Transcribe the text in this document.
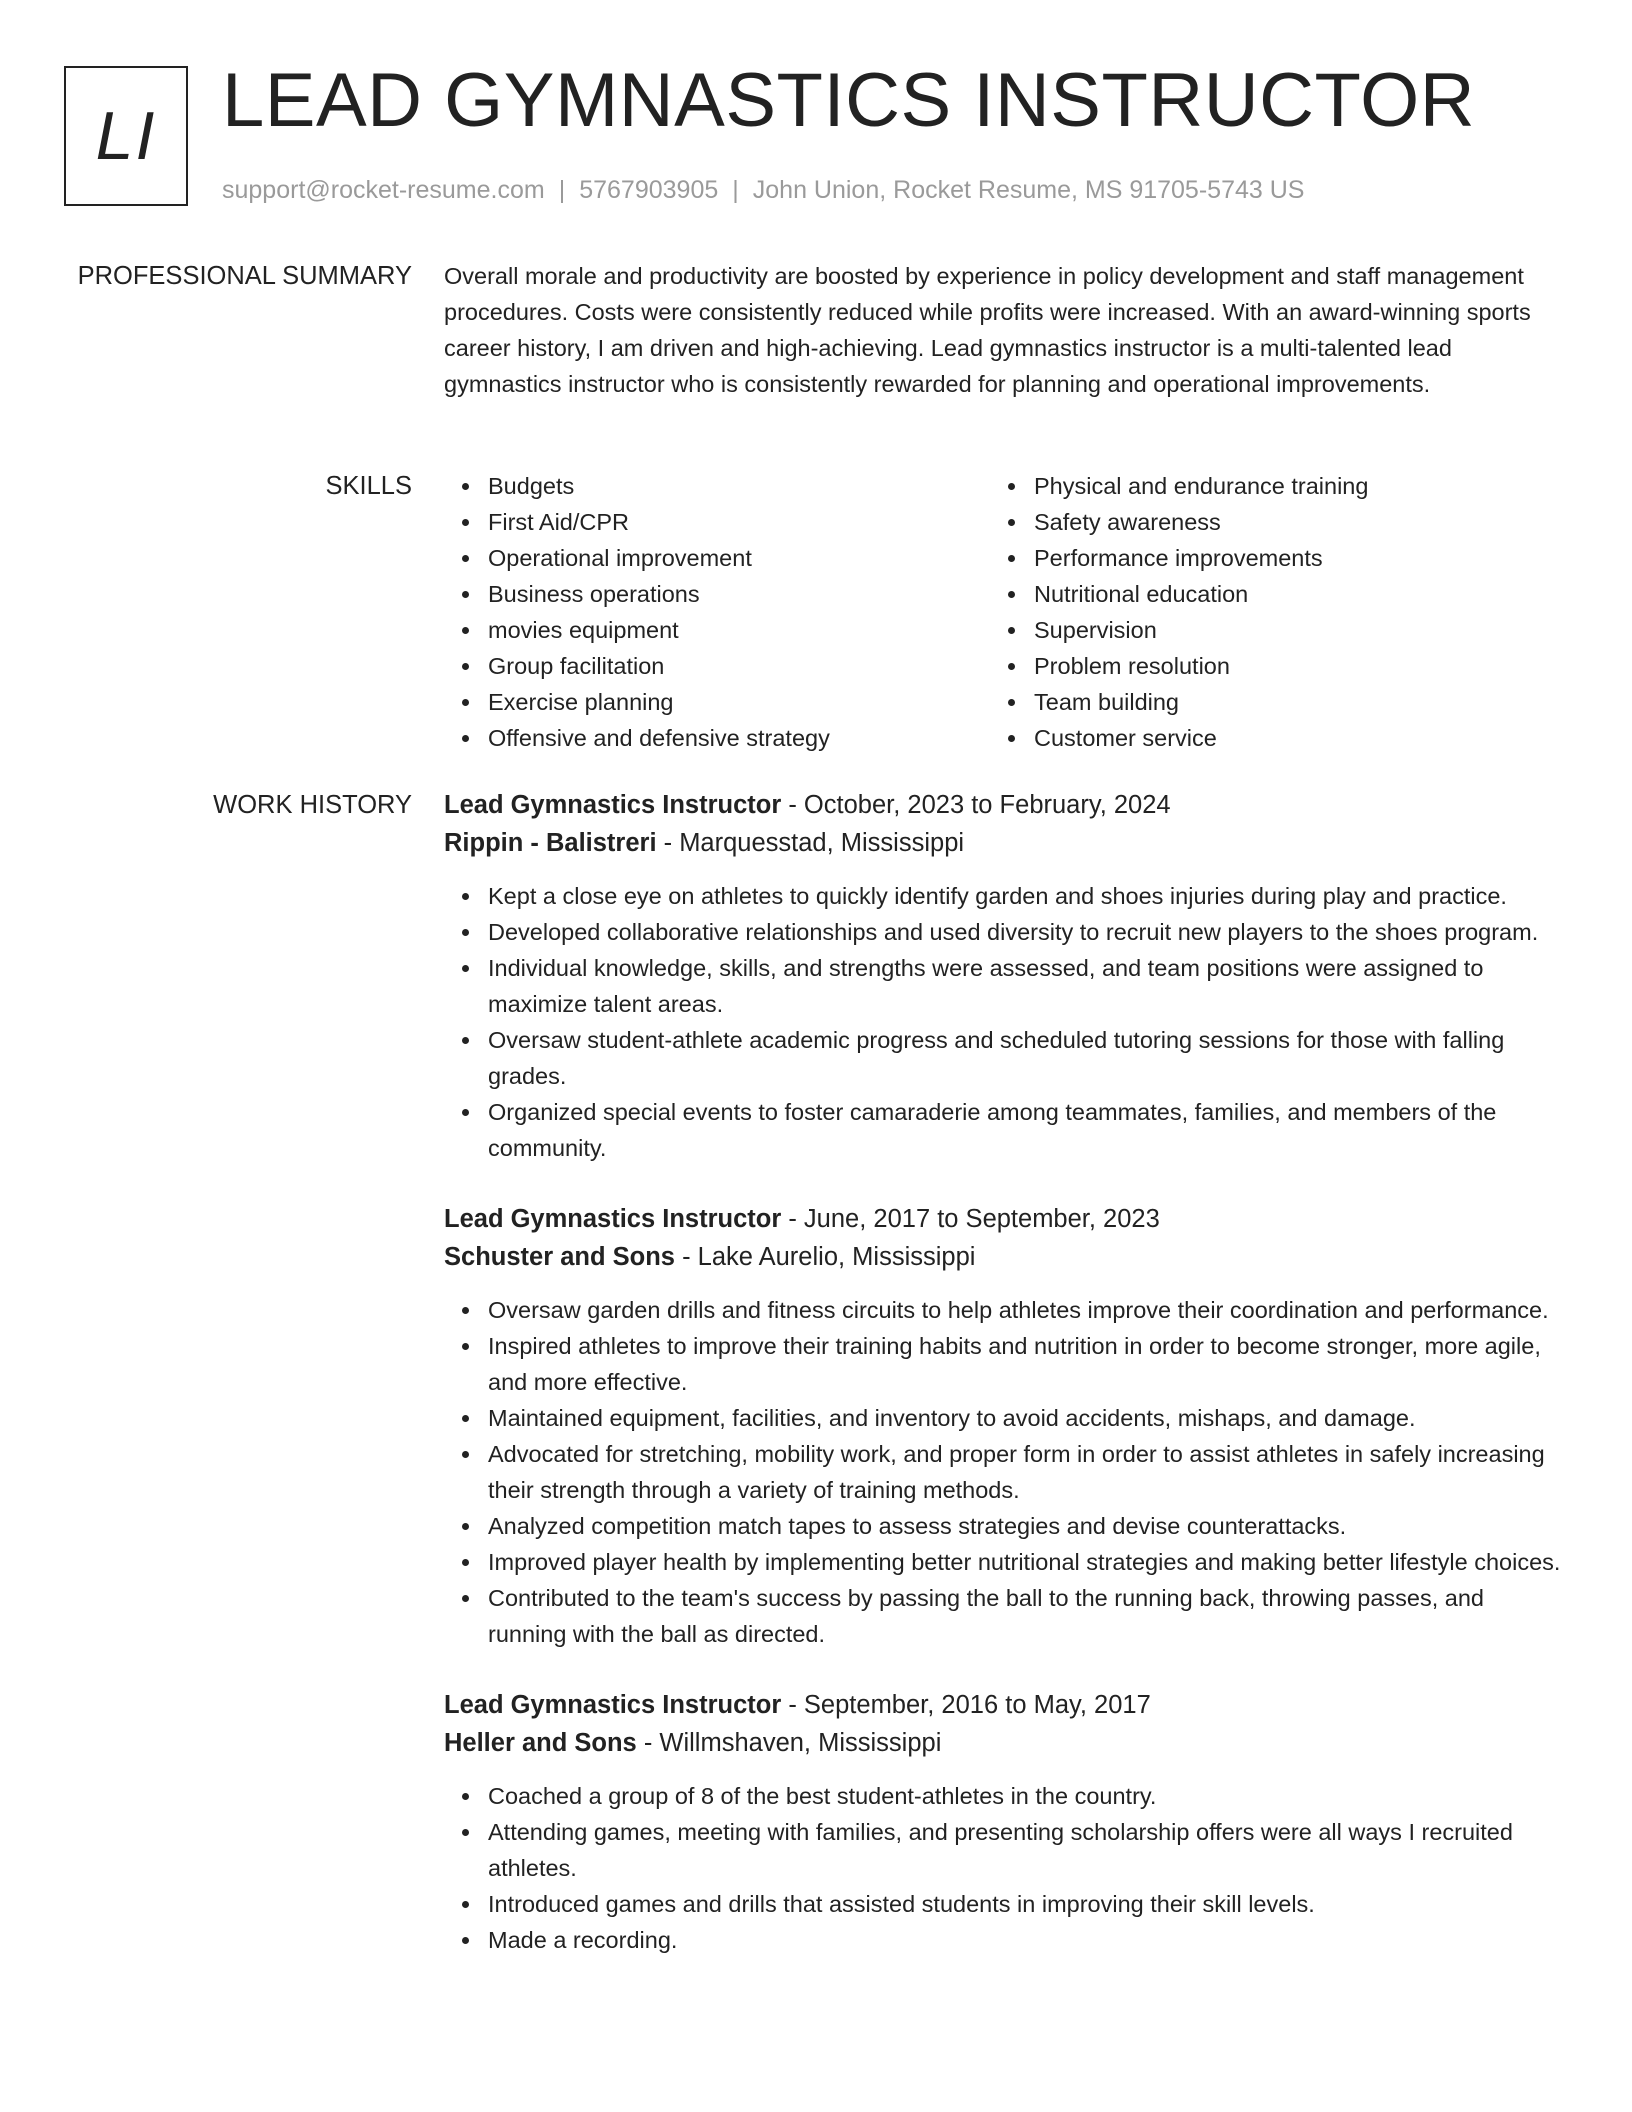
LI LEAD GYMNASTICS INSTRUCTOR
support@rocket-resume.com | 5767903905 | John Union, Rocket Resume, MS 91705-5743 US
PROFESSIONAL SUMMARY Overall morale and productivity are boosted by experience in policy development and staff management procedures. Costs were consistently reduced while profits were increased. With an award-winning sports career history, I am driven and high-achieving. Lead gymnastics instructor is a multi-talented lead gymnastics instructor who is consistently rewarded for planning and operational improvements.

SKILLS	Budgets
First Aid/CPR
Operational improvement
Business operations
movies equipment
Group facilitation
Exercise planning
Offensive and defensive strategy
Physical and endurance training
Safety awareness
Performance improvements
Nutritional education
Supervision
Problem resolution
Team building
Customer service
WORK HISTORY Lead Gymnastics Instructor - October, 2023 to February, 2024
Rippin - Balistreri - Marquesstad, Mississippi
Kept a close eye on athletes to quickly identify garden and shoes injuries during play and practice.
Developed collaborative relationships and used diversity to recruit new players to the shoes program.
Individual knowledge, skills, and strengths were assessed, and team positions were assigned to maximize talent areas.
Oversaw student-athlete academic progress and scheduled tutoring sessions for those with falling grades.
Organized special events to foster camaraderie among teammates, families, and members of the community.
Lead Gymnastics Instructor - June, 2017 to September, 2023
Schuster and Sons - Lake Aurelio, Mississippi
Oversaw garden drills and fitness circuits to help athletes improve their coordination and performance.
Inspired athletes to improve their training habits and nutrition in order to become stronger, more agile, and more effective.
Maintained equipment, facilities, and inventory to avoid accidents, mishaps, and damage.
Advocated for stretching, mobility work, and proper form in order to assist athletes in safely increasing their strength through a variety of training methods.
Analyzed competition match tapes to assess strategies and devise counterattacks.
Improved player health by implementing better nutritional strategies and making better lifestyle choices.
Contributed to the team's success by passing the ball to the running back, throwing passes, and running with the ball as directed.
Lead Gymnastics Instructor - September, 2016 to May, 2017
Heller and Sons - Willmshaven, Mississippi
Coached a group of 8 of the best student-athletes in the country.
Attending games, meeting with families, and presenting scholarship offers were all ways I recruited athletes.
Introduced games and drills that assisted students in improving their skill levels.
Made a recording.
